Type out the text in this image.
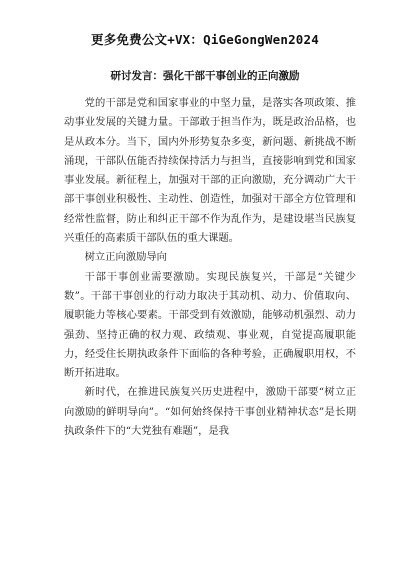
更多免费公文+VX：QiGeGongWen2024
研讨发言：强化干部干事创业的正向激励

党的干部是党和国家事业的中坚力量，是落实各项政策、推动事业发展的关键力量。干部敢于担当作为，既是政治品格，也是从政本分。当下，国内外形势复杂多变，新问题、新挑战不断涌现，干部队伍能否持续保持活力与担当，直接影响到党和国家事业发展。新征程上，加强对干部的正向激励，充分调动广大干部干事创业积极性、主动性、创造性，加强对干部全方位管理和经常性监督，防止和纠正干部不作为乱作为，是建设堪当民族复兴重任的高素质干部队伍的重大课题。

树立正向激励导向

干部干事创业需要激励。实现民族复兴，干部是“关键少数”。干部干事创业的行动力取决于其动机、动力、价值取向、履职能力等核心要素。干部受到有效激励，能够动机强烈、动力强劲、坚持正确的权力观、政绩观、事业观，自觉提高履职能力，经受住长期执政条件下面临的各种考验，正确履职用权，不断开拓进取。

新时代，在推进民族复兴历史进程中，激励干部要“树立正向激励的鲜明导向”。“如何始终保持干事创业精神状态”是长期执政条件下的“大党独有难题”，是我
